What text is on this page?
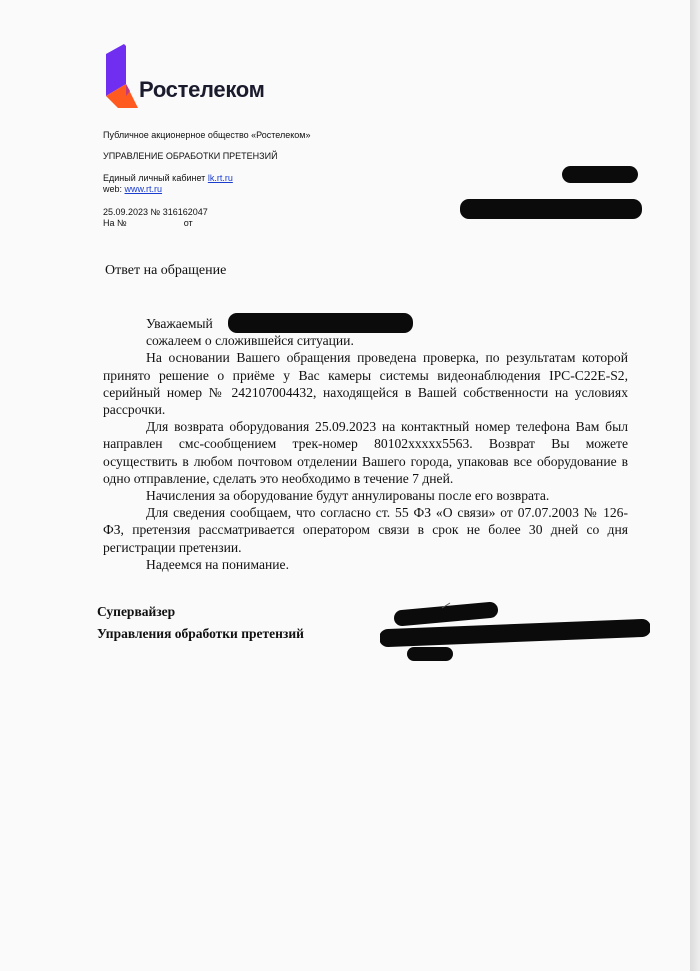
Ростелеком
Публичное акционерное общество «Ростелеком»
УПРАВЛЕНИЕ ОБРАБОТКИ ПРЕТЕНЗИЙ
Единый личный кабинет lk.rt.ru
web: www.rt.ru
25.09.2023 № 316162047
На №	от
Ответ на обращение

Уважаемый

сожалеем о сложившейся ситуации.

На основании Вашего обращения проведена проверка, по результатам которой принято решение о приёме у Вас камеры системы видеонаблюдения IPC-C22E-S2, серийный номер № 242107004432, находящейся в Вашей собственности на условиях рассрочки.

Для возврата оборудования 25.09.2023 на контактный номер телефона Вам был направлен смс-сообщением трек-номер 80102xxxxx5563. Возврат Вы можете осуществить в любом почтовом отделении Вашего города, упаковав все оборудование в одно отправление, сделать это необходимо в течение 7 дней.

Начисления за оборудование будут аннулированы после его возврата.

Для сведения сообщаем, что согласно ст. 55 ФЗ «О связи» от 07.07.2003 № 126-ФЗ, претензия рассматривается оператором связи в срок не более 30 дней со дня регистрации претензии.

Надеемся на понимание.

Супервайзер
Управления обработки претензий
